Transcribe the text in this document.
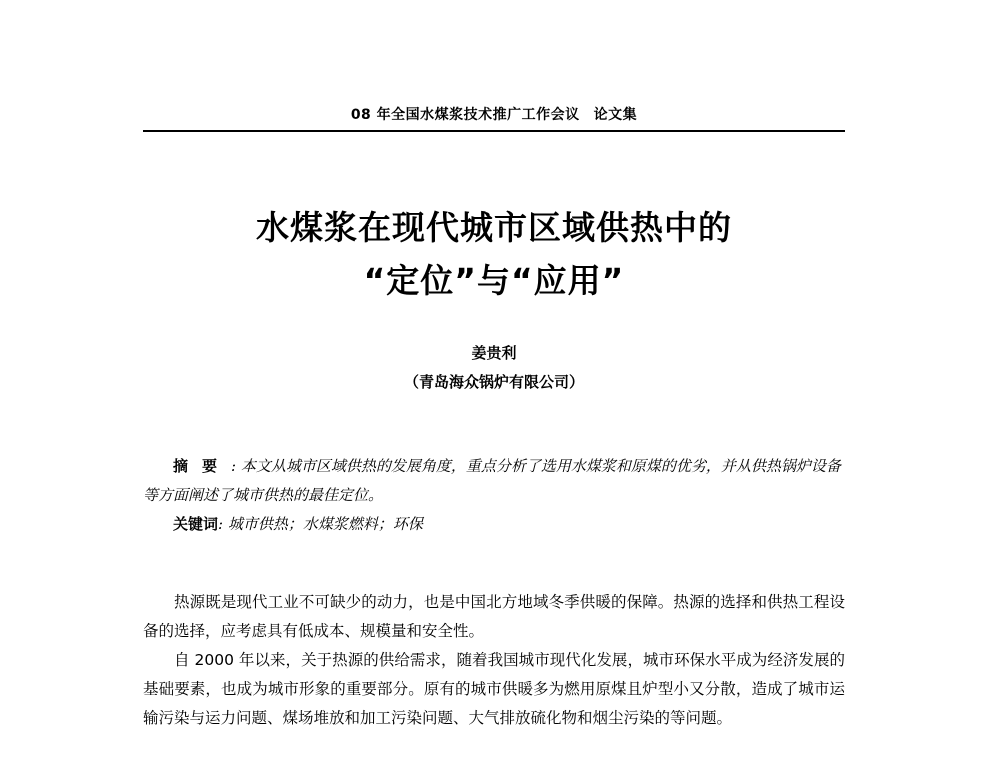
08 年全国水煤浆技术推广工作会议 论文集
水煤浆在现代城市区域供热中的
“定位”与“应用”
姜贵利
（青岛海众锅炉有限公司）
摘要: 本文从城市区域供热的发展角度，重点分析了选用水煤浆和原煤的优劣，并从供热锅炉设备等方面阐述了城市供热的最佳定位。
关键词: 城市供热；水煤浆燃料；环保

热源既是现代工业不可缺少的动力，也是中国北方地域冬季供暖的保障。热源的选择和供热工程设备的选择，应考虑具有低成本、规模量和安全性。

自 2000 年以来，关于热源的供给需求，随着我国城市现代化发展，城市环保水平成为经济发展的基础要素，也成为城市形象的重要部分。原有的城市供暖多为燃用原煤且炉型小又分散，造成了城市运输污染与运力问题、煤场堆放和加工污染问题、大气排放硫化物和烟尘污染的等问题。
